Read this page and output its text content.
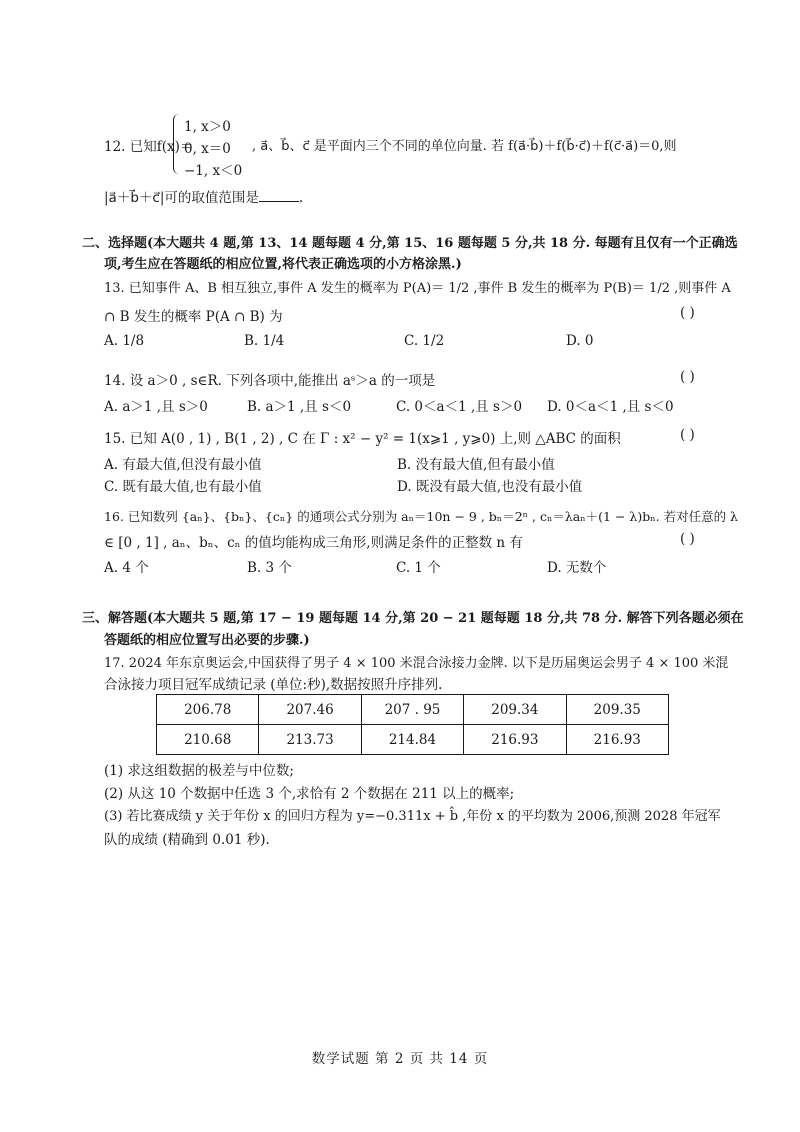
12. 已知f(x)＝
1, x＞0
0, x＝0
−1, x＜0
, a⃗、b⃗、c⃗ 是平面内三个不同的单位向量. 若 f(a⃗·b⃗)＋f(b⃗·c⃗)＋f(c⃗·a⃗)＝0,则
|a⃗＋b⃗＋c⃗|可的取值范围是	.
二、选择题(本大题共 4 题,第 13、14 题每题 4 分,第 15、16 题每题 5 分,共 18 分. 每题有且仅有一个正确选
项,考生应在答题纸的相应位置,将代表正确选项的小方格涂黑.)
13. 已知事件 A、B 相互独立,事件 A 发生的概率为 P(A)＝ 1/2 ,事件 B 发生的概率为 P(B)＝ 1/2 ,则事件 A
∩ B 发生的概率 P(A ∩ B) 为	( )
A. 1/8	B. 1/4	C. 1/2	D. 0
14. 设 a＞0 , s∈R. 下列各项中,能推出 aˢ＞a 的一项是	( )
A. a＞1 ,且 s＞0	B. a＞1 ,且 s＜0	C. 0＜a＜1 ,且 s＞0 D. 0＜a＜1 ,且 s＜0
15. 已知 A(0 , 1) , B(1 , 2) , C 在 Γ : x² − y² = 1(x⩾1 , y⩾0) 上,则 △ABC 的面积	( )
A. 有最大值,但没有最小值	B. 没有最大值,但有最小值
C. 既有最大值,也有最小值	D. 既没有最大值,也没有最小值
16. 已知数列 {aₙ}、{bₙ}、{cₙ} 的通项公式分别为 aₙ＝10n − 9 , bₙ＝2ⁿ , cₙ＝λaₙ＋(1 − λ)bₙ. 若对任意的 λ
∈ [0 , 1] , aₙ、bₙ、cₙ 的值均能构成三角形,则满足条件的正整数 n 有	( )
A. 4 个	B. 3 个	C. 1 个	D. 无数个
三、解答题(本大题共 5 题,第 17 − 19 题每题 14 分,第 20 − 21 题每题 18 分,共 78 分. 解答下列各题必须在
答题纸的相应位置写出必要的步骤.)
17. 2024 年东京奥运会,中国获得了男子 4 × 100 米混合泳接力金牌. 以下是历届奥运会男子 4 × 100 米混
合泳接力项目冠军成绩记录 (单位:秒),数据按照升序排列.
206.78	207.46	207 . 95	209.34	209.35
210.68	213.73	214.84	216.93	216.93
(1) 求这组数据的极差与中位数;
(2) 从这 10 个数据中任选 3 个,求恰有 2 个数据在 211 以上的概率;
(3) 若比赛成绩 y 关于年份 x 的回归方程为 y=−0.311x + b̂ ,年份 x 的平均数为 2006,预测 2028 年冠军
队的成绩 (精确到 0.01 秒).
数学试题 第 2 页 共 14 页
